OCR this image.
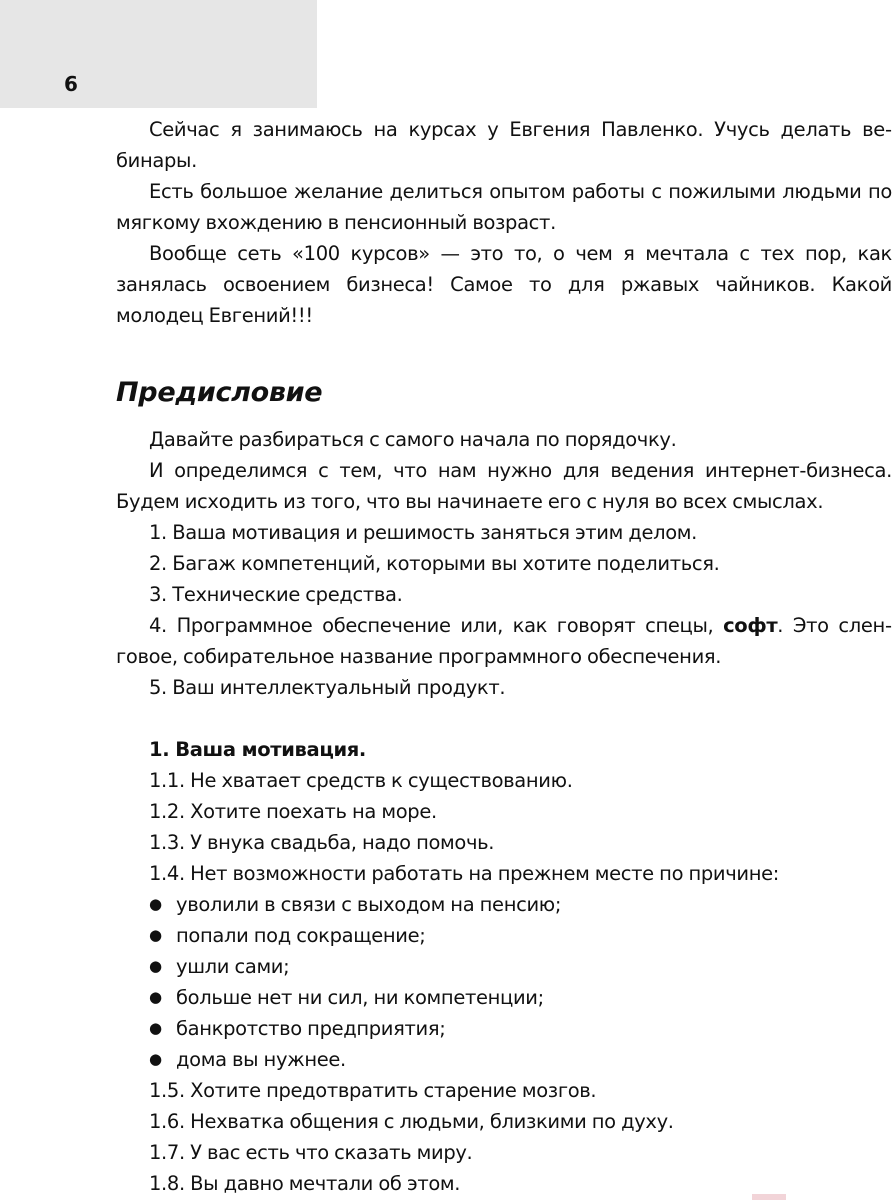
6

Сейчас я занимаюсь на курсах у Евгения Павленко. Учусь делать вебинары.

Есть большое желание делиться опытом работы с пожилыми людьми по мягкому вхождению в пенсионный возраст.

Вообще сеть «100 курсов» — это то, о чем я мечтала с тех пор, как занялась освоением бизнеса! Самое то для ржавых чайников. Какой молодец Евгений!!!

Предисловие

Давайте разбираться с самого начала по порядочку.

И определимся с тем, что нам нужно для ведения интернет-бизнеса. Будем исходить из того, что вы начинаете его с нуля во всех смыслах.

1. Ваша мотивация и решимость заняться этим делом.

2. Багаж компетенций, которыми вы хотите поделиться.

3. Технические средства.

4. Программное обеспечение или, как говорят спецы, софт. Это сленговое, собирательное название программного обеспечения.

5. Ваш интеллектуальный продукт.

1. Ваша мотивация.

1.1. Не хватает средств к существованию.

1.2. Хотите поехать на море.

1.3. У внука свадьба, надо помочь.

1.4. Нет возможности работать на прежнем месте по причине:

● уволили в связи с выходом на пенсию;

● попали под сокращение;

● ушли сами;

● больше нет ни сил, ни компетенции;

● банкротство предприятия;

● дома вы нужнее.

1.5. Хотите предотвратить старение мозгов.

1.6. Нехватка общения с людьми, близкими по духу.

1.7. У вас есть что сказать миру.

1.8. Вы давно мечтали об этом.
